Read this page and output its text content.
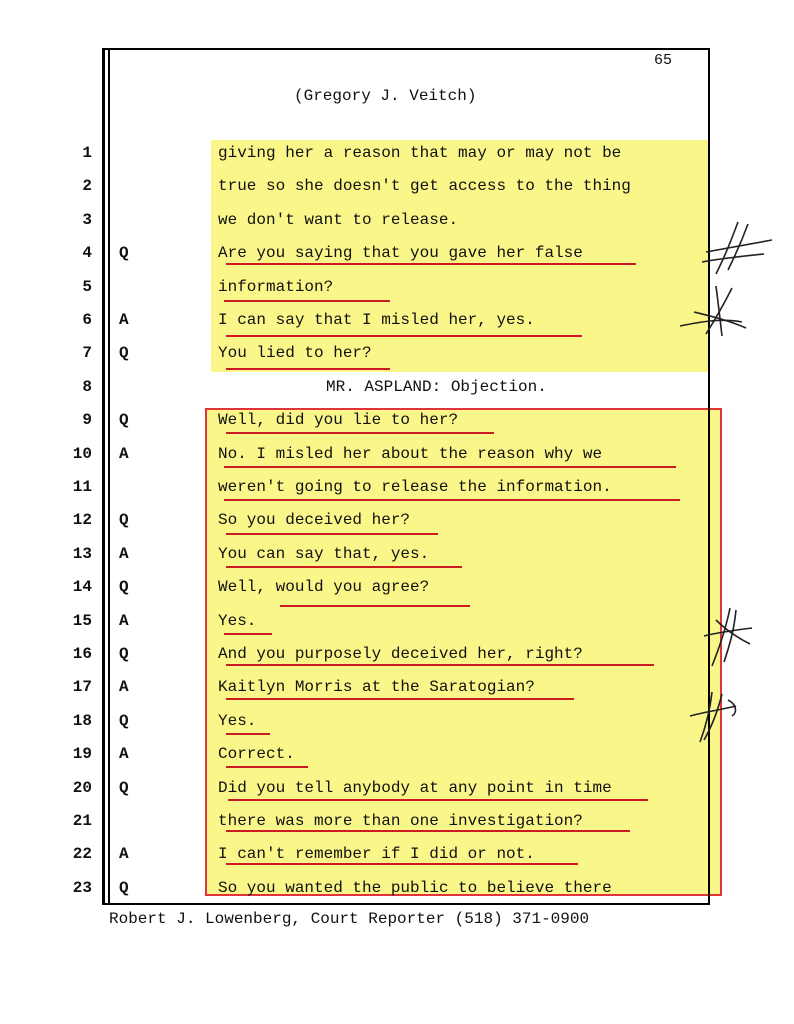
65
(Gregory J. Veitch)
1	giving her a reason that may or may not be
2	true so she doesn't get access to the thing
3	we don't want to release.
4 Q	Are you saying that you gave her false
5	information?
6 A	I can say that I misled her, yes.
7 Q	You lied to her?
8	MR. ASPLAND: Objection.
9 Q	Well, did you lie to her?
10 A	No. I misled her about the reason why we
11	weren't going to release the information.
12 Q	So you deceived her?
13 A	You can say that, yes.
14 Q	Well, would you agree?
15 A	Yes.
16 Q	And you purposely deceived her, right?
17 A	Kaitlyn Morris at the Saratogian?
18 Q	Yes.
19 A	Correct.
20 Q	Did you tell anybody at any point in time
21	there was more than one investigation?
22 A	I can't remember if I did or not.
23 Q	So you wanted the public to believe there
Robert J. Lowenberg, Court Reporter (518) 371-0900
